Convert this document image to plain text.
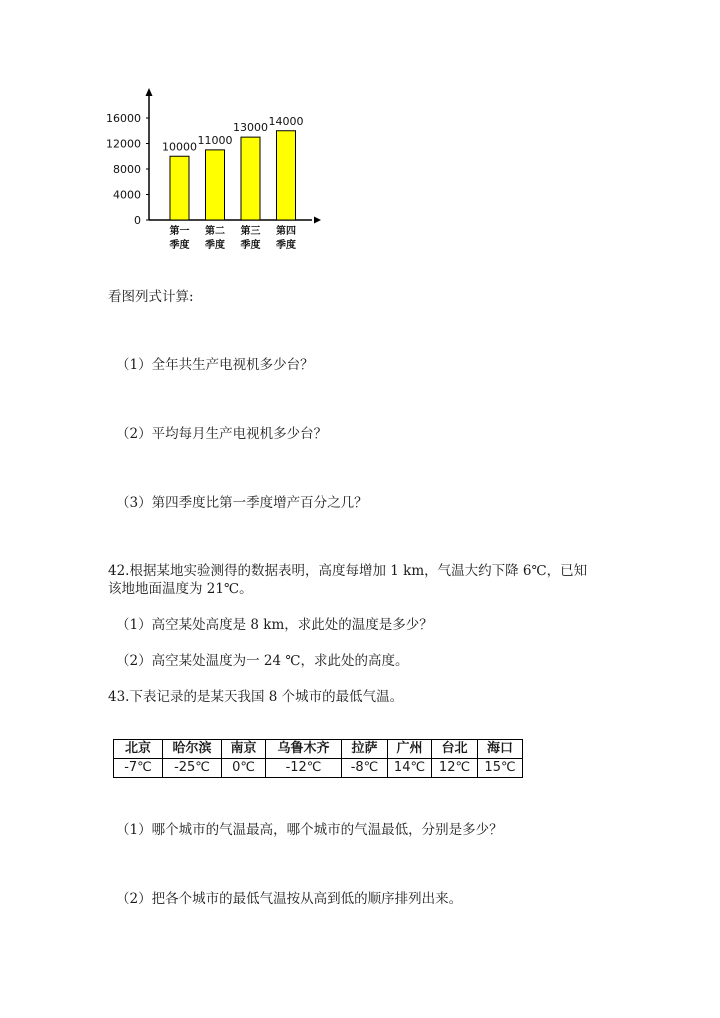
0
4000
8000
12000
16000
10000
第一
季度
11000
第二
季度
13000
第三
季度
14000
第四
季度
看图列式计算:
（1）全年共生产电视机多少台？
（2）平均每月生产电视机多少台？
（3）第四季度比第一季度增产百分之几？
42.根据某地实验测得的数据表明，高度每增加 1 km，气温大约下降 6℃，已知
该地地面温度为 21℃。
（1）高空某处高度是 8 km，求此处的温度是多少？
（2）高空某处温度为一 24 ℃，求此处的高度。
43.下表记录的是某天我国 8 个城市的最低气温。
北京	哈尔滨	南京	乌鲁木齐	拉萨	广州	台北	海口
-7℃	-25℃	0℃	-12℃	-8℃	14℃	12℃	15℃
（1）哪个城市的气温最高，哪个城市的气温最低，分别是多少？
（2）把各个城市的最低气温按从高到低的顺序排列出来。
